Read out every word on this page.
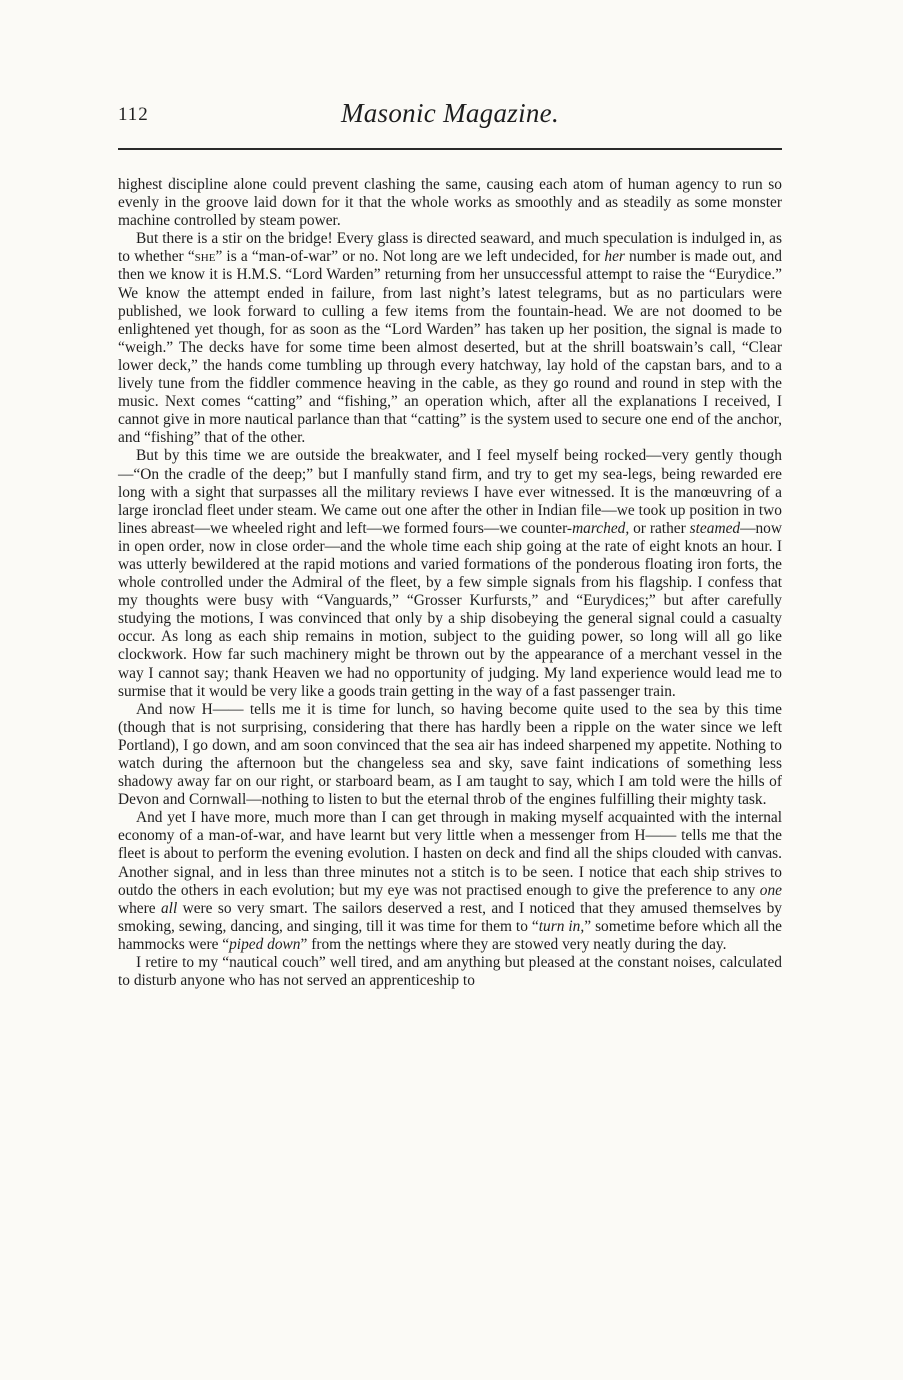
112	Masonic Magazine.

highest discipline alone could prevent clashing the same, causing each atom of human agency to run so evenly in the groove laid down for it that the whole works as smoothly and as steadily as some monster machine controlled by steam power.

But there is a stir on the bridge! Every glass is directed seaward, and much speculation is indulged in, as to whether “she” is a “man-of-war” or no. Not long are we left undecided, for her number is made out, and then we know it is H.M.S. “Lord Warden” returning from her unsuccessful attempt to raise the “Eurydice.” We know the attempt ended in failure, from last night’s latest telegrams, but as no particulars were published, we look forward to culling a few items from the fountain-head. We are not doomed to be enlightened yet though, for as soon as the “Lord Warden” has taken up her position, the signal is made to “weigh.” The decks have for some time been almost deserted, but at the shrill boatswain’s call, “Clear lower deck,” the hands come tumbling up through every hatchway, lay hold of the capstan bars, and to a lively tune from the fiddler commence heaving in the cable, as they go round and round in step with the music. Next comes “catting” and “fishing,” an operation which, after all the explanations I received, I cannot give in more nautical parlance than that “catting” is the system used to secure one end of the anchor, and “fishing” that of the other.

But by this time we are outside the breakwater, and I feel myself being rocked—very gently though—“On the cradle of the deep;” but I manfully stand firm, and try to get my sea-legs, being rewarded ere long with a sight that surpasses all the military reviews I have ever witnessed. It is the manœuvring of a large ironclad fleet under steam. We came out one after the other in Indian file—we took up position in two lines abreast—we wheeled right and left—we formed fours—we counter-marched, or rather steamed—now in open order, now in close order—and the whole time each ship going at the rate of eight knots an hour. I was utterly bewildered at the rapid motions and varied formations of the ponderous floating iron forts, the whole controlled under the Admiral of the fleet, by a few simple signals from his flagship. I confess that my thoughts were busy with “Vanguards,” “Grosser Kurfursts,” and “Eurydices;” but after carefully studying the motions, I was convinced that only by a ship disobeying the general signal could a casualty occur. As long as each ship remains in motion, subject to the guiding power, so long will all go like clockwork. How far such machinery might be thrown out by the appearance of a merchant vessel in the way I cannot say; thank Heaven we had no opportunity of judging. My land experience would lead me to surmise that it would be very like a goods train getting in the way of a fast passenger train.

And now H—— tells me it is time for lunch, so having become quite used to the sea by this time (though that is not surprising, considering that there has hardly been a ripple on the water since we left Portland), I go down, and am soon convinced that the sea air has indeed sharpened my appetite. Nothing to watch during the afternoon but the changeless sea and sky, save faint indications of something less shadowy away far on our right, or starboard beam, as I am taught to say, which I am told were the hills of Devon and Cornwall—nothing to listen to but the eternal throb of the engines fulfilling their mighty task.

And yet I have more, much more than I can get through in making myself acquainted with the internal economy of a man-of-war, and have learnt but very little when a messenger from H—— tells me that the fleet is about to perform the evening evolution. I hasten on deck and find all the ships clouded with canvas. Another signal, and in less than three minutes not a stitch is to be seen. I notice that each ship strives to outdo the others in each evolution; but my eye was not practised enough to give the preference to any one where all were so very smart. The sailors deserved a rest, and I noticed that they amused themselves by smoking, sewing, dancing, and singing, till it was time for them to “turn in,” sometime before which all the hammocks were “piped down” from the nettings where they are stowed very neatly during the day.

I retire to my “nautical couch” well tired, and am anything but pleased at the constant noises, calculated to disturb anyone who has not served an apprenticeship to
